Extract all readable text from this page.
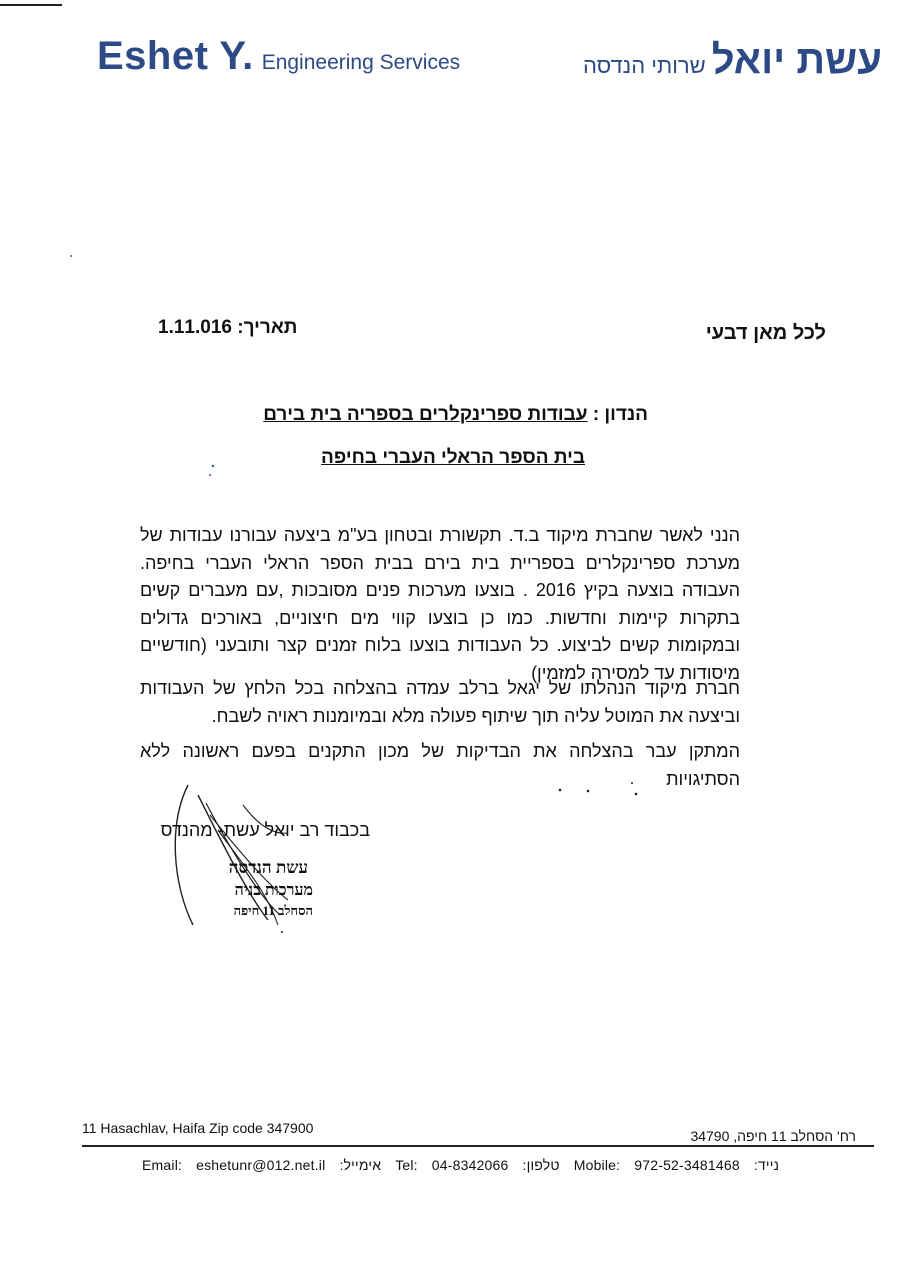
Eshet Y. Engineering Services	עשת יואלשרותי הנדסה
לכל מאן דבעי
תאריך: 1.11.016
הנדון : עבודות ספרינקלרים בספריה בית בירם
בית הספר הראלי העברי בחיפה
הנני לאשר שחברת מיקוד ב.ד. תקשורת ובטחון בע"מ ביצעה עבורנו עבודות של מערכת ספרינקלרים בספריית בית בירם בבית הספר הראלי העברי בחיפה. העבודה בוצעה בקיץ 2016 . בוצעו מערכות פנים מסובכות ,עם מעברים קשים בתקרות קיימות וחדשות. כמו כן בוצעו קווי מים חיצוניים, באורכים גדולים ובמקומות קשים לביצוע. כל העבודות בוצעו בלוח זמנים קצר ותובעני (חודשיים מיסודות עד למסירה למזמין)
חברת מיקוד הנהלתו של יגאל ברלב עמדה בהצלחה בכל הלחץ של העבודות וביצעה את המוטל עליה תוך שיתוף פעולה מלא ובמיומנות ראויה לשבח.
המתקן עבר בהצלחה את הבדיקות של מכון התקנים בפעם ראשונה ללא הסתיגויות
עשת הנדסה
מערכות בניה
הסחלב 11 חיפה
בכבוד רב יואל עשת- מהנדס
11 Hasachlav, Haifa Zip code 347900	רח' הסחלב 11 חיפה, 34790
Email: eshetunr@012.net.il אימייל: Tel: 04-8342066 טלפון: Mobile: 972-52-3481468 נייד:
